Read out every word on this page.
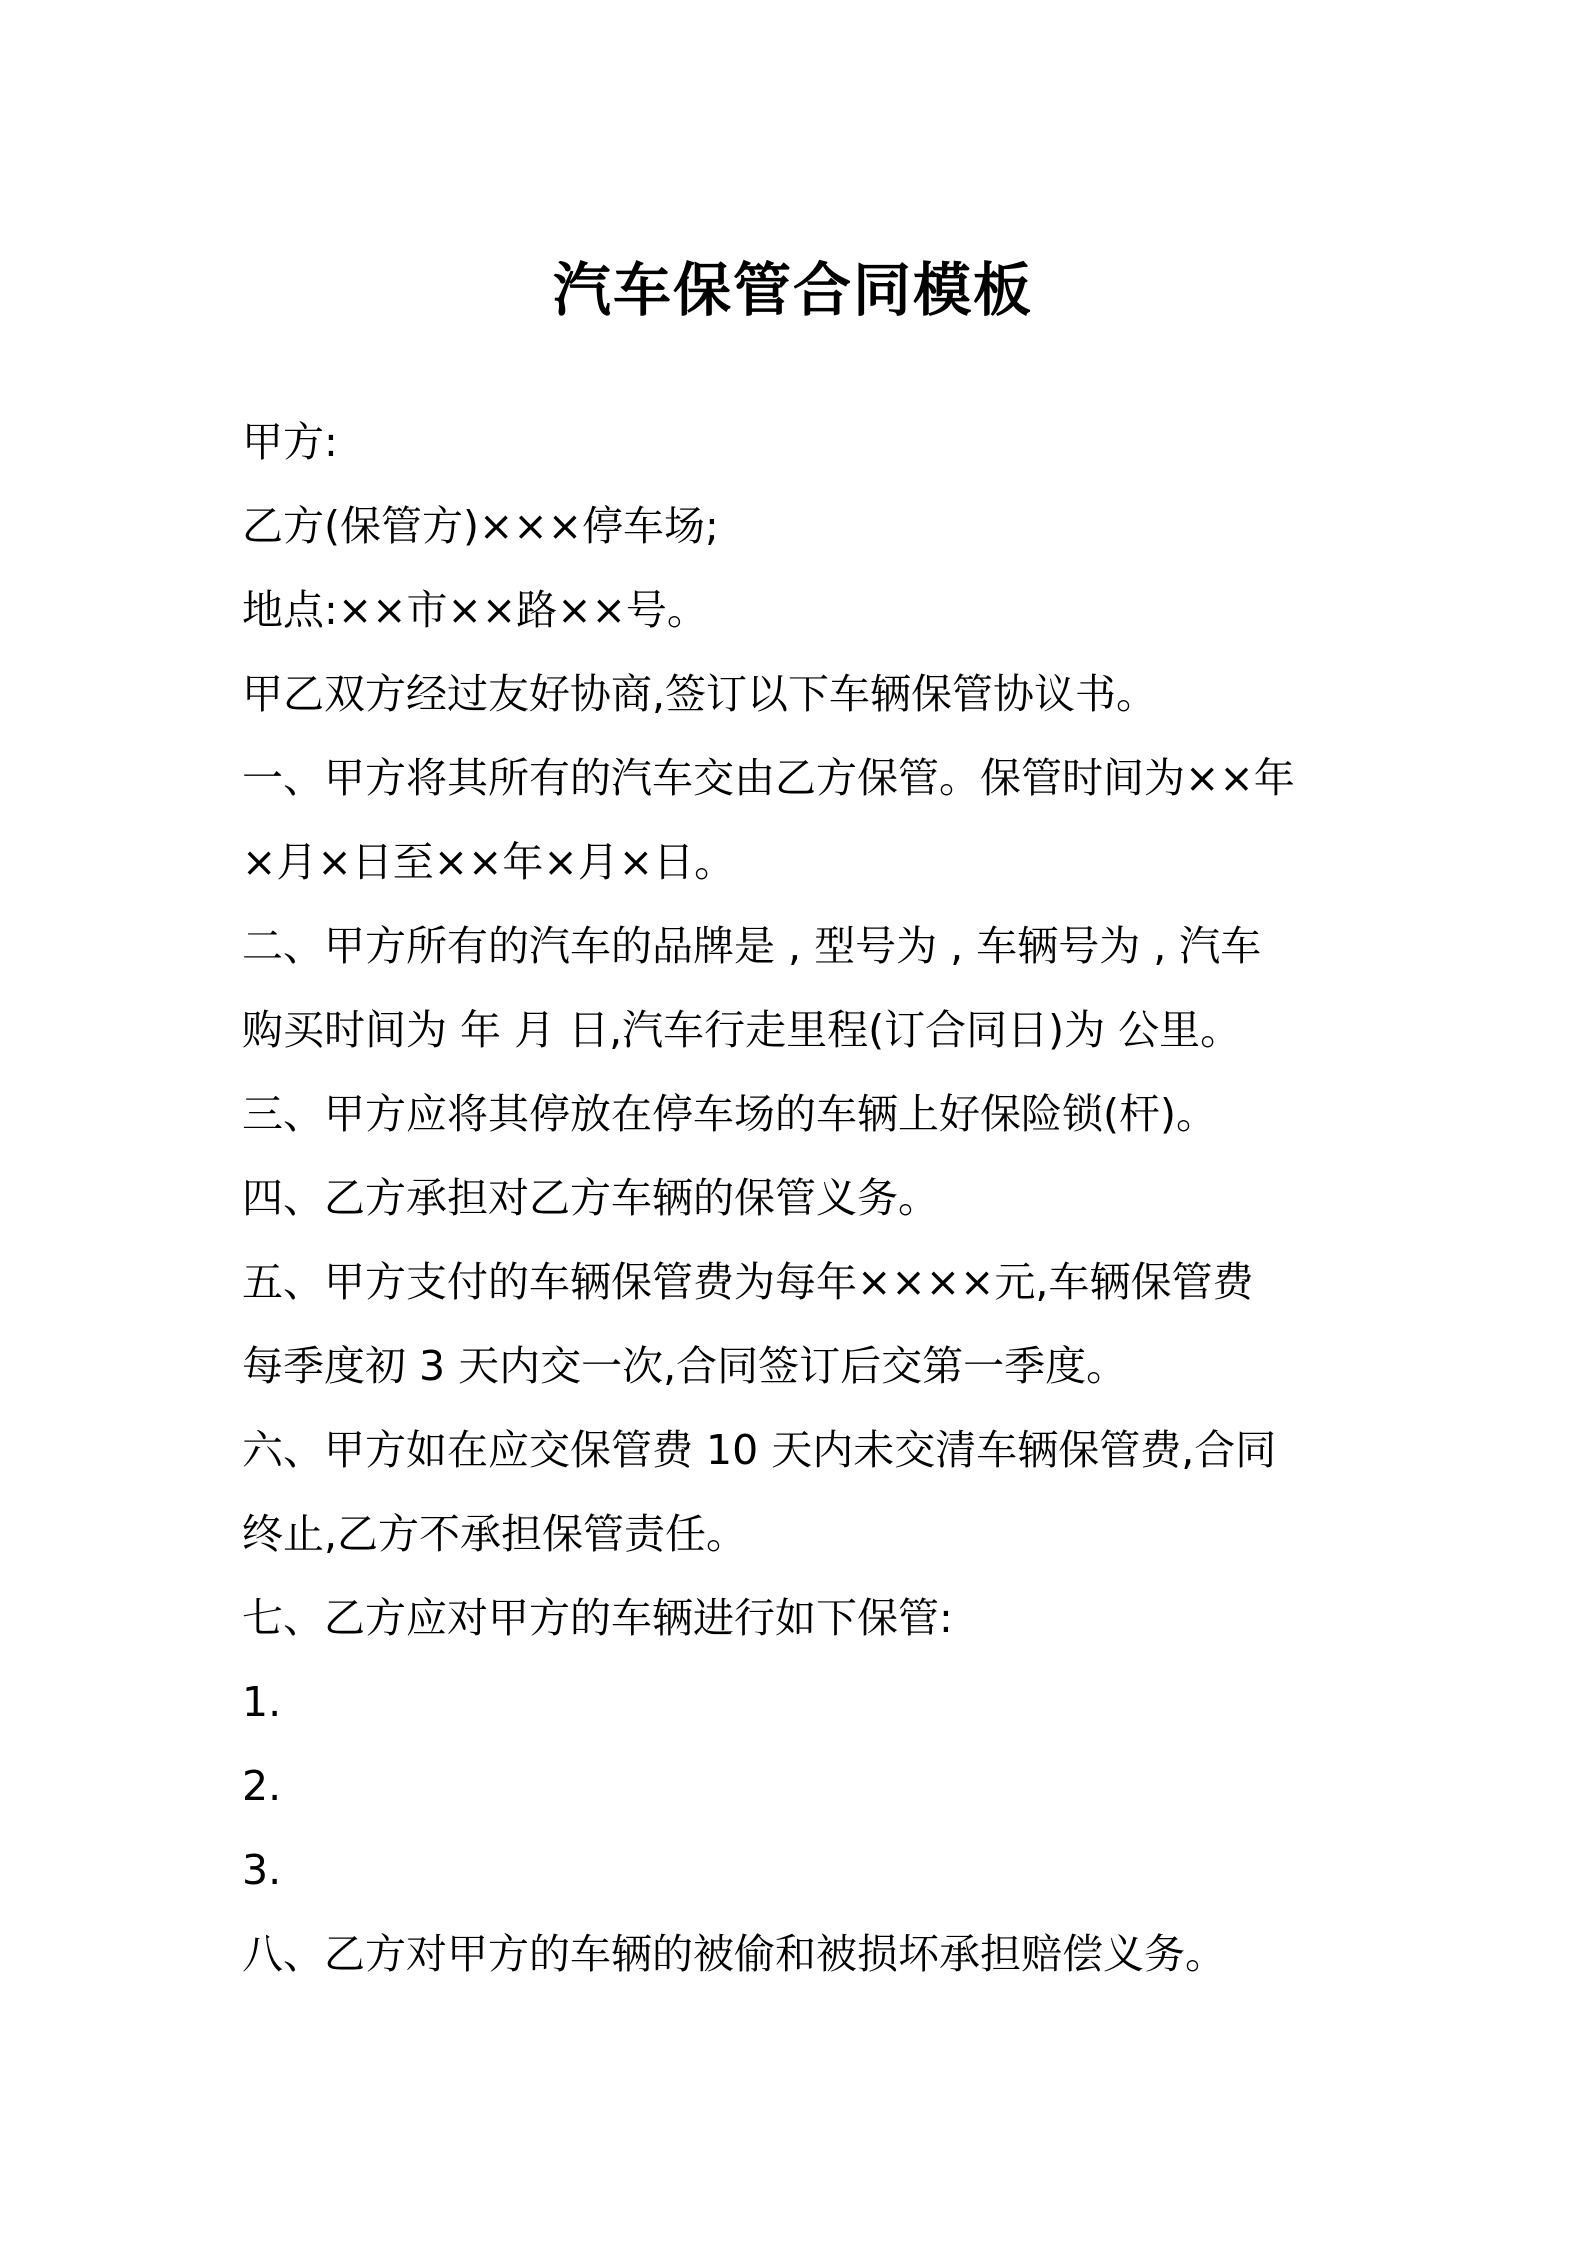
汽车保管合同模板
甲方:
乙方(保管方)×××停车场;
地点:××市××路××号。
甲乙双方经过友好协商,签订以下车辆保管协议书。
一、甲方将其所有的汽车交由乙方保管。保管时间为××年
×月×日至××年×月×日。
二、甲方所有的汽车的品牌是 , 型号为 , 车辆号为 , 汽车
购买时间为 年 月 日,汽车行走里程(订合同日)为 公里。
三、甲方应将其停放在停车场的车辆上好保险锁(杆)。
四、乙方承担对乙方车辆的保管义务。
五、甲方支付的车辆保管费为每年××××元,车辆保管费
每季度初 3 天内交一次,合同签订后交第一季度。
六、甲方如在应交保管费 10 天内未交清车辆保管费,合同
终止,乙方不承担保管责任。
七、乙方应对甲方的车辆进行如下保管:
1.
2.
3.
八、乙方对甲方的车辆的被偷和被损坏承担赔偿义务。
